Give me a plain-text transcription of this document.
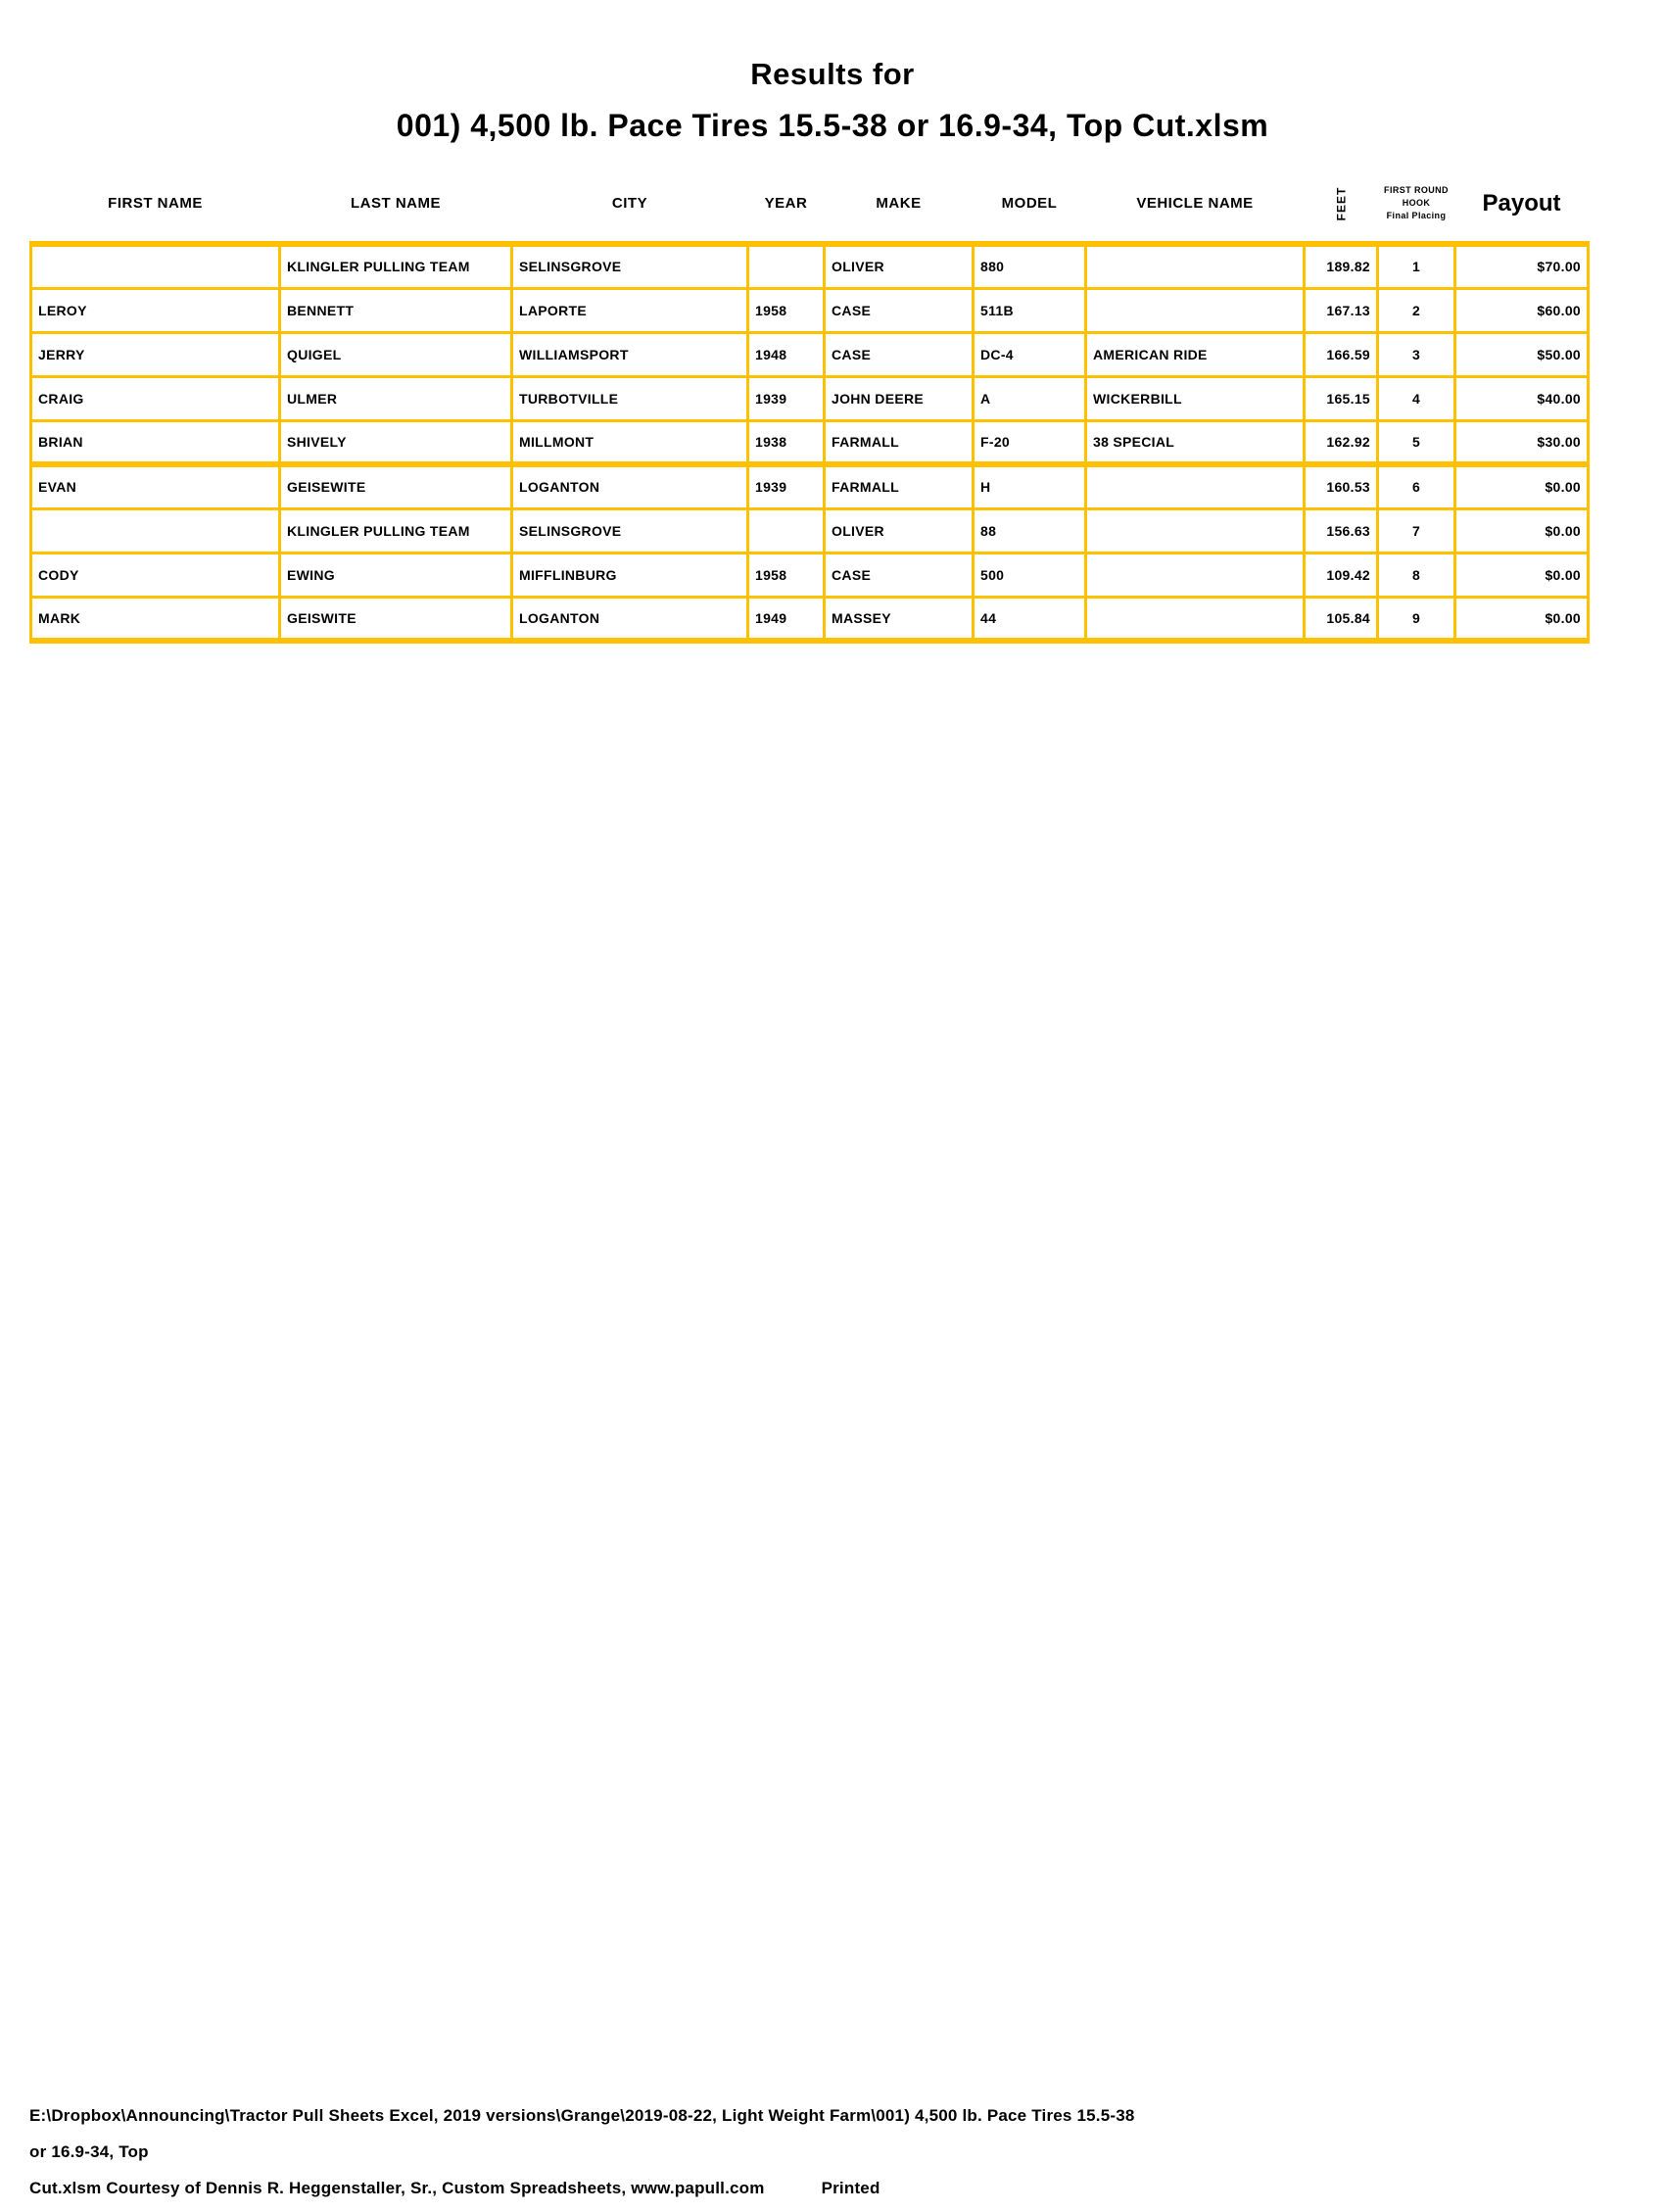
Results for
001) 4,500 lb. Pace Tires 15.5-38 or 16.9-34, Top Cut.xlsm
FIRST NAME	LAST NAME	CITY	YEAR	MAKE	MODEL	VEHICLE NAME	FEET	FIRST ROUND
HOOK
Final Placing	Payout
	KLINGLER PULLING TEAM	SELINSGROVE		OLIVER	880		189.82	1	$70.00
LEROY	BENNETT	LAPORTE	1958	CASE	511B		167.13	2	$60.00
JERRY	QUIGEL	WILLIAMSPORT	1948	CASE	DC-4	AMERICAN RIDE	166.59	3	$50.00
CRAIG	ULMER	TURBOTVILLE	1939	JOHN DEERE	A	WICKERBILL	165.15	4	$40.00
BRIAN	SHIVELY	MILLMONT	1938	FARMALL	F-20	38 SPECIAL	162.92	5	$30.00
EVAN	GEISEWITE	LOGANTON	1939	FARMALL	H		160.53	6	$0.00
	KLINGLER PULLING TEAM	SELINSGROVE		OLIVER	88		156.63	7	$0.00
CODY	EWING	MIFFLINBURG	1958	CASE	500		109.42	8	$0.00
MARK	GEISWITE	LOGANTON	1949	MASSEY	44		105.84	9	$0.00
E:\Dropbox\Announcing\Tractor Pull Sheets Excel, 2019 versions\Grange\2019-08-22, Light Weight Farm\001) 4,500 lb. Pace Tires 15.5-38 or 16.9-34, Top
Cut.xlsm Courtesy of Dennis R. Heggenstaller, Sr., Custom Spreadsheets, www.papull.com	Printed
